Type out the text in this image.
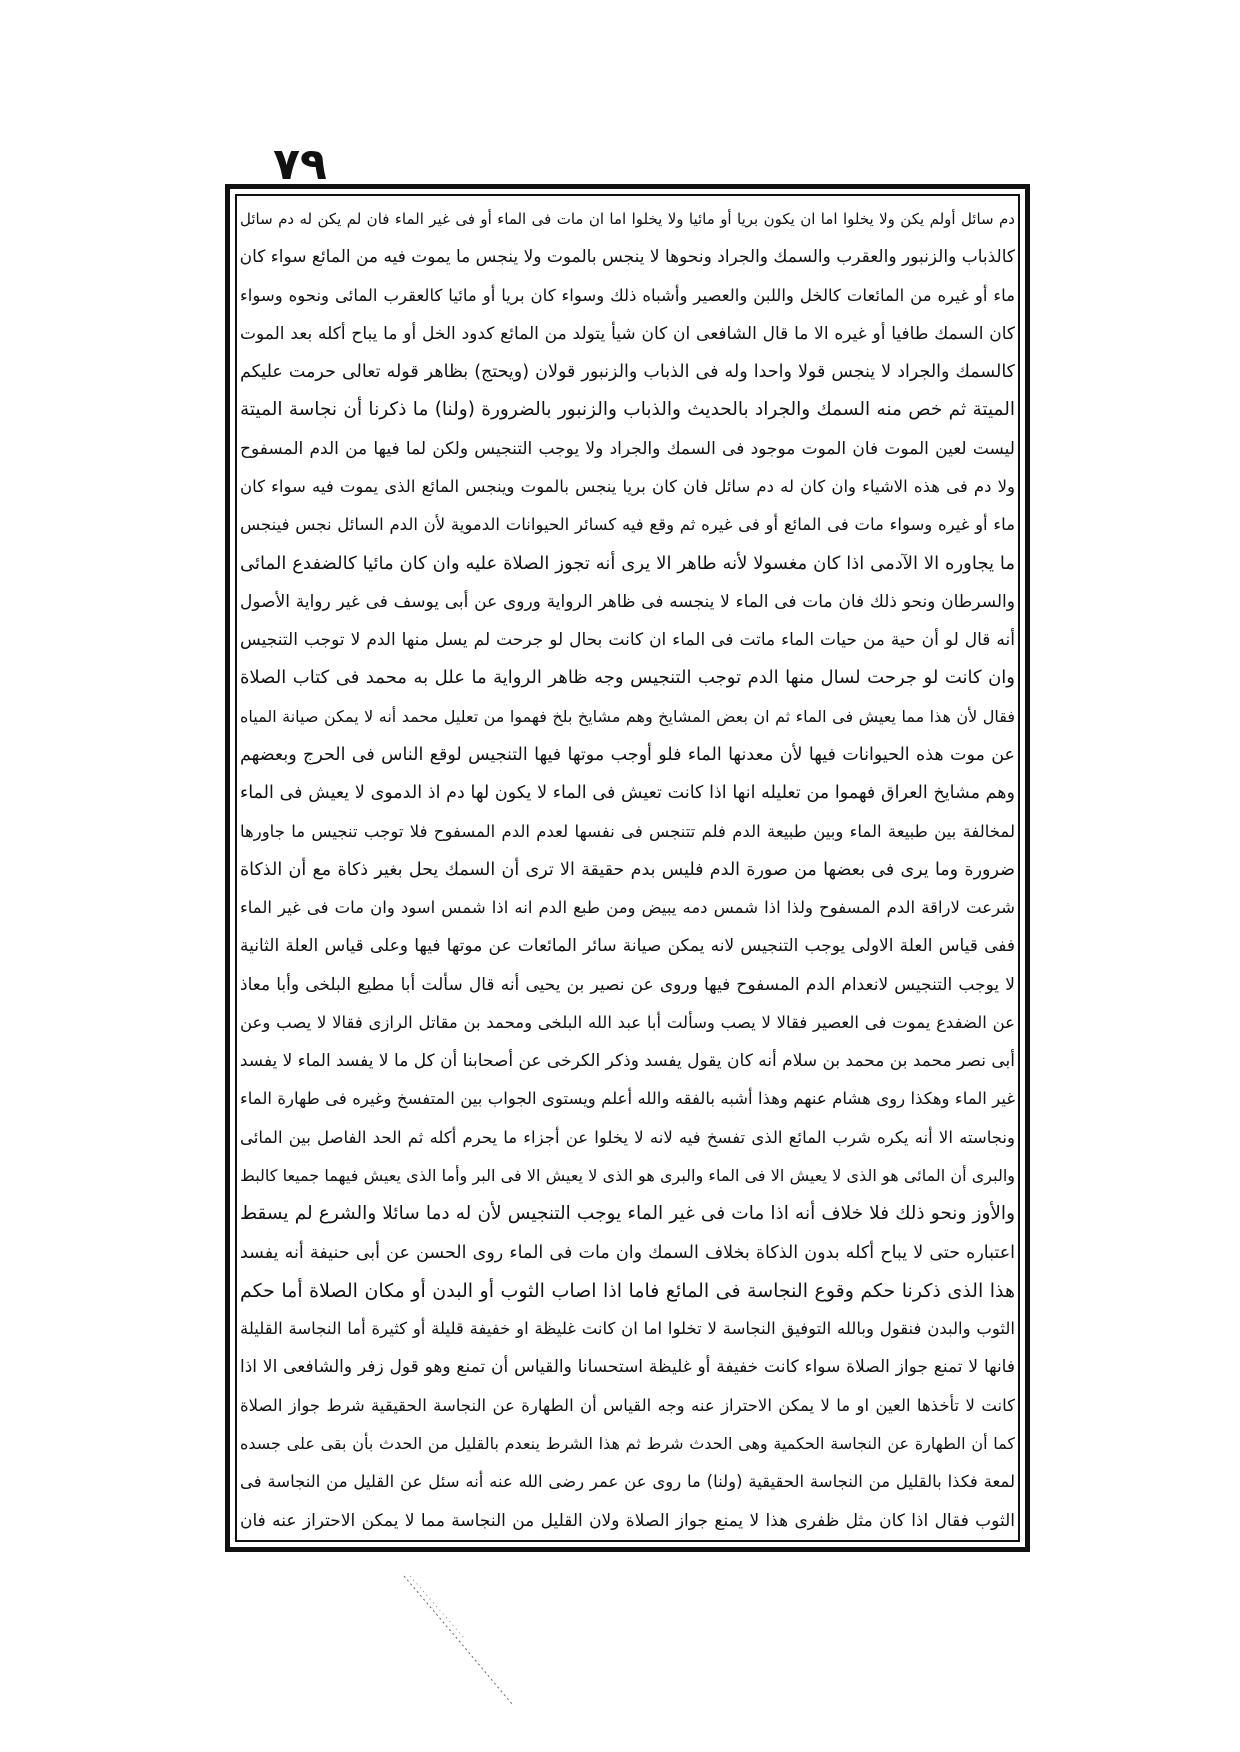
۷۹
دم سائل أولم يكن ولا يخلوا اما ان يكون بريا أو مائيا ولا يخلوا اما ان مات فى الماء أو فى غير الماء فان لم يكن له دم سائل
كالذباب والزنبور والعقرب والسمك والجراد ونحوها لا ينجس بالموت ولا ينجس ما يموت فيه من المائع سواء كان
ماء أو غيره من المائعات كالخل واللبن والعصير وأشباه ذلك وسواء كان بريا أو مائيا كالعقرب المائى ونحوه وسواء
كان السمك طافيا أو غيره الا ما قال الشافعى ان كان شيأ يتولد من المائع كدود الخل أو ما يباح أكله بعد الموت
كالسمك والجراد لا ينجس قولا واحدا وله فى الذباب والزنبور قولان (ويحتج) بظاهر قوله تعالى حرمت عليكم
الميتة ثم خص منه السمك والجراد بالحديث والذباب والزنبور بالضرورة (ولنا) ما ذكرنا أن نجاسة الميتة
ليست لعين الموت فان الموت موجود فى السمك والجراد ولا يوجب التنجيس ولكن لما فيها من الدم المسفوح
ولا دم فى هذه الاشياء وان كان له دم سائل فان كان بريا ينجس بالموت وينجس المائع الذى يموت فيه سواء كان
ماء أو غيره وسواء مات فى المائع أو فى غيره ثم وقع فيه كسائر الحيوانات الدموية لأن الدم السائل نجس فينجس
ما يجاوره الا الآدمى اذا كان مغسولا لأنه طاهر الا يرى أنه تجوز الصلاة عليه وان كان مائيا كالضفدع المائى
والسرطان ونحو ذلك فان مات فى الماء لا ينجسه فى ظاهر الرواية وروى عن أبى يوسف فى غير رواية الأصول
أنه قال لو أن حية من حيات الماء ماتت فى الماء ان كانت بحال لو جرحت لم يسل منها الدم لا توجب التنجيس
وان كانت لو جرحت لسال منها الدم توجب التنجيس وجه ظاهر الرواية ما علل به محمد فى كتاب الصلاة
فقال لأن هذا مما يعيش فى الماء ثم ان بعض المشايخ وهم مشايخ بلخ فهموا من تعليل محمد أنه لا يمكن صيانة المياه
عن موت هذه الحيوانات فيها لأن معدنها الماء فلو أوجب موتها فيها التنجيس لوقع الناس فى الحرج وبعضهم
وهم مشايخ العراق فهموا من تعليله انها اذا كانت تعيش فى الماء لا يكون لها دم اذ الدموى لا يعيش فى الماء
لمخالفة بين طبيعة الماء وبين طبيعة الدم فلم تتنجس فى نفسها لعدم الدم المسفوح فلا توجب تنجيس ما جاورها
ضرورة وما يرى فى بعضها من صورة الدم فليس بدم حقيقة الا ترى أن السمك يحل بغير ذكاة مع أن الذكاة
شرعت لاراقة الدم المسفوح ولذا اذا شمس دمه يبيض ومن طبع الدم انه اذا شمس اسود وان مات فى غير الماء
ففى قياس العلة الاولى يوجب التنجيس لانه يمكن صيانة سائر المائعات عن موتها فيها وعلى قياس العلة الثانية
لا يوجب التنجيس لانعدام الدم المسفوح فيها وروى عن نصير بن يحيى أنه قال سألت أبا مطيع البلخى وأبا معاذ
عن الضفدع يموت فى العصير فقالا لا يصب وسألت أبا عبد الله البلخى ومحمد بن مقاتل الرازى فقالا لا يصب وعن
أبى نصر محمد بن محمد بن سلام أنه كان يقول يفسد وذكر الكرخى عن أصحابنا أن كل ما لا يفسد الماء لا يفسد
غير الماء وهكذا روى هشام عنهم وهذا أشبه بالفقه والله أعلم ويستوى الجواب بين المتفسخ وغيره فى طهارة الماء
ونجاسته الا أنه يكره شرب المائع الذى تفسخ فيه لانه لا يخلوا عن أجزاء ما يحرم أكله ثم الحد الفاصل بين المائى
والبرى أن المائى هو الذى لا يعيش الا فى الماء والبرى هو الذى لا يعيش الا فى البر وأما الذى يعيش فيهما جميعا كالبط
والأوز ونحو ذلك فلا خلاف أنه اذا مات فى غير الماء يوجب التنجيس لأن له دما سائلا والشرع لم يسقط
اعتباره حتى لا يباح أكله بدون الذكاة بخلاف السمك وان مات فى الماء روى الحسن عن أبى حنيفة أنه يفسد
هذا الذى ذكرنا حكم وقوع النجاسة فى المائع فاما اذا اصاب الثوب أو البدن أو مكان الصلاة أما حكم
الثوب والبدن فنقول وبالله التوفيق النجاسة لا تخلوا اما ان كانت غليظة او خفيفة قليلة أو كثيرة أما النجاسة القليلة
فانها لا تمنع جواز الصلاة سواء كانت خفيفة أو غليظة استحسانا والقياس أن تمنع وهو قول زفر والشافعى الا اذا
كانت لا تأخذها العين او ما لا يمكن الاحتراز عنه وجه القياس أن الطهارة عن النجاسة الحقيقية شرط جواز الصلاة
كما أن الطهارة عن النجاسة الحكمية وهى الحدث شرط ثم هذا الشرط ينعدم بالقليل من الحدث بأن بقى على جسده
لمعة فكذا بالقليل من النجاسة الحقيقية (ولنا) ما روى عن عمر رضى الله عنه أنه سئل عن القليل من النجاسة فى
الثوب فقال اذا كان مثل ظفرى هذا لا يمنع جواز الصلاة ولان القليل من النجاسة مما لا يمكن الاحتراز عنه فان
